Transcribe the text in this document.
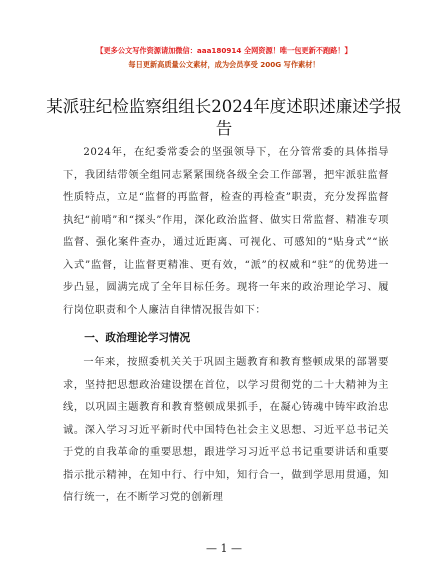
【更多公文写作资源请加微信：aaa180914 全网资源！唯一包更新不跑路！】
每日更新高质量公文素材，成为会员享受 200G 写作素材！
某派驻纪检监察组组长2024年度述职述廉述学报告
2024年，在纪委常委会的坚强领导下，在分管常委的具体指导下，我团结带领全组同志紧紧围绕各级全会工作部署，把牢派驻监督性质特点，立足“监督的再监督，检查的再检查”职责，充分发挥监督执纪“前哨”和“探头”作用，深化政治监督、做实日常监督、精准专项监督、强化案件查办，通过近距离、可视化、可感知的“贴身式”“嵌入式”监督，让监督更精准、更有效，“派”的权威和“驻”的优势进一步凸显，圆满完成了全年目标任务。现将一年来的政治理论学习、履行岗位职责和个人廉洁自律情况报告如下：
一、政治理论学习情况
一年来，按照委机关关于巩固主题教育和教育整顿成果的部署要求，坚持把思想政治建设摆在首位，以学习贯彻党的二十大精神为主线，以巩固主题教育和教育整顿成果抓手，在凝心铸魂中铸牢政治忠诚。深入学习习近平新时代中国特色社会主义思想、习近平总书记关于党的自我革命的重要思想，跟进学习习近平总书记重要讲话和重要指示批示精神，在知中行、行中知，知行合一，做到学思用贯通，知信行统一，在不断学习党的创新理
— 1 —
